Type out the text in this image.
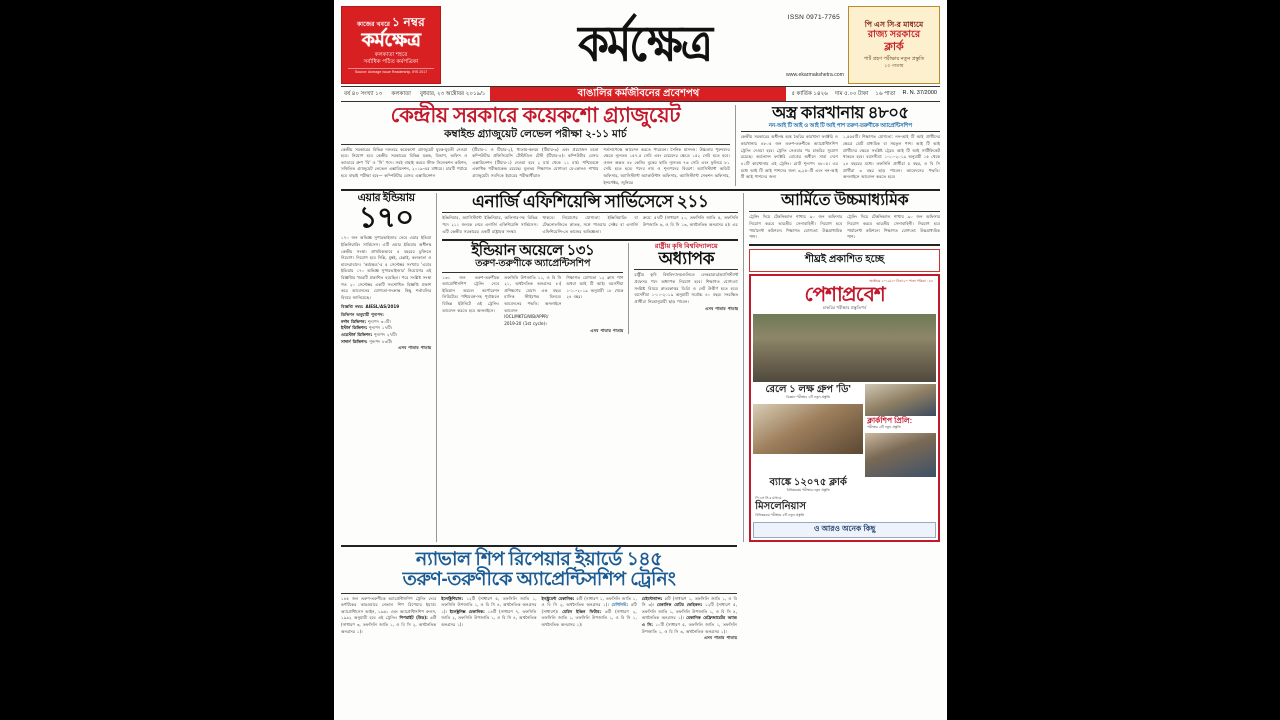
কাজের খবরে ১ নম্বর
কর্মক্ষেত্র
কলকাতা শহরে
সর্বাধিক পঠিত কর্মপত্রিকা
Source: Average Issue Readership, IRS 2017
ISSN 0971-7765
কর্মক্ষেত্র
www.ekarmakshetra.com
পি এস সি-র মাধ্যমে
রাজ্য সরকারে
ক্লার্ক
পার্ট গ্রহণ পরীক্ষার নতুন প্রস্তুতি
১০ পাতায়
বর্ষ ৪০ সংখ্যা ১৩ কলকাতা বুধবার, ২৩ অক্টোবর ২০১৯/১	বাঙালির কর্মজীবনের প্রবেশপথ	৫ কার্তিক ১৪২৬ দাম ৫.০০ টাকা ১৬ পাতা R. N. 37/2000
কেন্দ্রীয় সরকারে কয়েকশো গ্র্যাজুয়েট
কম্বাইন্ড গ্র্যাজুয়েট লেভেল পরীক্ষা ২-১১ মার্চ
কেন্দ্রীয় সরকারের বিভিন্ন দফতরে কয়েকশো গ্র্যাজুয়েট যুবক-যুবতী নেওয়া হবে। নিয়োগ হবে কেন্দ্রীয় সরকারের বিভিন্ন মন্ত্রক, বিভাগ, অফিস ও ক্যাডারে গ্রুপ 'বি' ও 'সি' পদে। সবই বাছাই করবে স্টাফ সিলেকশন কমিশন, সম্মিলিত গ্র্যাজুয়েট লেভেল এক্সামিনেশন, ২০১৯-এর মাধ্যমে। চারটি পর্যায়ে হবে বাছাই পরীক্ষা হবে— কম্পিউটার বেসড এক্সামিনেশন
(টিয়ার-১ ও টিয়ার-২), খাতায়-কলমে (টিয়ার-৩) এবং প্রয়োজন মতো কম্পিউটার প্রফিসিয়েন্সি টেস্ট/ডিল টেস্ট (টিয়ার-৪)। কম্পিউটার বেসড এক্সামিনেশন (টিয়ার-১) নেওয়া হবে ২ মার্চ থেকে ১১ মার্চ। পশ্চিমবঙ্গে একাধিক পরীক্ষাকেন্দ্র রয়েছে। মূলতম শিক্ষাগত যোগ্যতা যে-কোনও শাখায় গ্র্যাজুয়েট। সবদিকে ইয়ারের পরীক্ষার্থীরাও
শর্তসাপেক্ষে আবেদন করতে পারবেন। সৈনিক মানদণ্ড: উচ্চতায় পুরুষদের ক্ষেত্রে ন্যূনতম ১৫৭.৫ সেমি এবং মেয়েদের ক্ষেত্রে ১৫২ সেমি হতে হবে। ওজন অন্তত ৪৮ কেজি। বুকের ছাতি ন্যূনতম ৭৬ সেমি এবং ফুলিয়ে ৮১ সেমি হতে হবে। পদের নাম ও শূন্যপদের বিবরণ: অ্যাসিস্ট্যান্ট অডিট অফিসার, অ্যাসিস্ট্যান্ট অ্যাকাউন্টস অফিসার, অ্যাসিস্ট্যান্ট সেকশন অফিসার, ইন্সপেক্টর, জুনিয়র
অস্ত্র কারখানায় ৪৮০৫
নন-আই টি আই ও আই টি আই পাশ তরুণ-তরুণীকে অ্যাপ্রেন্টিসশিপ
কেন্দ্রীয় সরকারের অধীনস্থ অস্ত্র তৈরির কারখানা ফ্যাক্টরি ও কারখানায় ৪৮০৫ জন তরুণ-তরুণীকে অ্যাপ্রেন্টিসশিপ ট্রেনিং দেওয়া হবে। ট্রেনিং নেওয়ার পর চাকরির সুযোগ রয়েছে। অর্ডন্যান্স ফ্যাক্টরি বোর্ডের অধীনে সারা দেশে ৪১টি কারখানায় এই ট্রেনিং। মোট শূন্যপদ ৪৮০৫। এর মধ্যে আই টি আই পাশদের জন্য ৩,২৫০টি এবং নন-আই টি আই পাশদের জন্য
১,৫৫৫টি। শিক্ষাগত যোগ্যতা: নন-আই টি আই প্রার্থীদের ক্ষেত্রে মোট মাধ্যমিক বা সমতুল পাশ। আই টি আই প্রার্থীদের ক্ষেত্রে সংশ্লিষ্ট ট্রেডে আই টি আই সার্টিফিকেট থাকতে হবে। বয়সসীমা: ১-১০-২০১৯ অনুযায়ী ১৫ থেকে ২৪ বছরের মধ্যে। তফসিলি প্রার্থীরা ৫ বছর, ও বি সি প্রার্থীরা ৩ বছর ছাড় পাবেন। আবেদনের পদ্ধতি: অনলাইনে আবেদন করতে হবে।
এয়ার ইন্ডিয়ায়
১৭০
১৭০ জন অভিজ্ঞ সুপারভাইজার নেবে এয়ার ইন্ডিয়া ইঞ্জিনিয়ারিং সার্ভিসেস। এটি এয়ার ইন্ডিয়ার অধীনস্থ কেন্দ্রীয় সংস্থা। প্রাথমিকভাবে ৫ বছরের চুক্তিতে নিয়োগ। নিয়োগ হবে দিল্লি, মুম্বই, চেন্নাই, কলকাতা ও হায়দরাবাদে। 'কর্মক্ষেত্র'-র ৫ সেপ্টেম্বর সংখ্যায় 'এয়ার ইন্ডিয়ায় ১৭০ অভিজ্ঞ সুপারভাইজার' নিয়োগের এই বিজ্ঞপ্তির খবরটি প্রকাশিত হয়েছিল। পরে সংশ্লিষ্ট সংস্থা গত ২০ সেপ্টেম্বর একটি সংশোধিত বিজ্ঞপ্তি প্রকাশ করে আবেদনের যোগ্যতা-সংক্রান্ত কিছু শর্তাবলির বিষয়ে জানিয়েছে।
বিজ্ঞপ্তি নম্বর: AIESL/AS/2019
ডিভিশন অনুযায়ী শূন্যপদ:
নর্দান ডিভিশন: শূন্যপদ ৩০টি।
ইস্টার্ন ডিভিশন: শূন্যপদ ১৭টি।
ওয়েস্টার্ন ডিভিশন: শূন্যপদ ২৭টি।
সাদার্ন ডিভিশন: শূন্যপদ ৮৩টি।
এসব পাতার পাতায়
এনার্জি এফিশিয়েন্সি সার্ভিসেসে ২১১
ইঞ্জিনিয়ার, অ্যাসিস্ট্যান্ট ইঞ্জিনিয়ার, অফিসার-সহ বিভিন্ন পদে ২১১ জনকে নেবে এনার্জি এফিশিয়েন্সি সার্ভিসেস। এটি কেন্দ্রীয় সরকারের একটি রাষ্ট্রায়ত্ত সংস্থা।
থাকবে। নিয়োগের যোগ্যতা: ইঞ্জিনিয়ারিং বা টেকনোলজিতে স্নাতক, সঙ্গে পাওয়ার সেক্টর বা এনার্জি এফিশিয়েন্সি-তে কাজের অভিজ্ঞতা।
ক্রমে: ৫৭টি (সাধারণ ২০, তফসিলি জাতি ৫, তফসিলি উপজাতি ৬, ও বি সি ১৩, অর্থনৈতিক অনগ্রসর ৫)। এর
ইন্ডিয়ান অয়েলে ১৩১
তরুণ-তরুণীকে অ্যাপ্রেন্টিসশিপ
১৩১ জন তরুণ-তরুণীকে অ্যাপ্রেন্টিসশিপ ট্রেনিং দেবে ইন্ডিয়ান অয়েল কর্পোরেশন লিমিটেড। পশ্চিমবঙ্গ-সহ পূর্বাঞ্চলে বিভিন্ন ইউনিটে এই ট্রেনিং। আবেদন করতে হবে অনলাইনে।
তফসিলি উপজাতি ১১, ও বি সি ২১, অর্থনৈতিক অনগ্রসর ৮।) প্রশিক্ষণের মেয়াদ এক বছর। মাসিক স্টাইপেন্ড মিলবে। আবেদনের পদ্ধতি: অনলাইনে আবেদন IOCL/MKTG/WB/APPR/ 2019-20 (1st cycle)।
শিক্ষাগত যোগ্যতা ১২ ক্লাস পাশ অথবা আই টি আই। বয়সসীমা ১-১০-২০১৯ অনুযায়ী ১৮ থেকে ২৪ বছর।
এসব পাতার পাতায়
রাষ্ট্রীয় কৃষি বিশ্ববিদ্যালয়ে
অধ্যাপক
রাষ্ট্রীয় কৃষি বিশ্ববিদ্যালয়গুলিতে লেকচারার/অ্যাসিস্ট্যান্ট প্রফেসর পদে অধ্যাপক নিয়োগ হবে। শিক্ষাগত যোগ্যতা: সংশ্লিষ্ট বিষয়ে স্নাতকোত্তর ডিগ্রি ও নেট উত্তীর্ণ হতে হবে। বয়সসীমা ১-১০-২০১৯ অনুযায়ী সর্বোচ্চ ৪০ বছর। সংরক্ষিত প্রার্থীরা নিয়মানুযায়ী ছাড় পাবেন।
এসব পাতার পাতায়
আর্মিতে উচ্চমাধ্যমিক
ট্রেনিং দিয়ে টেকনিক্যাল শাখায় ৯০ জন অফিসার নিয়োগ করবে ভারতীয় সেনাবাহিনী। নিয়োগ হবে পার্মানেন্ট কমিশনে। শিক্ষাগত যোগ্যতা: উচ্চমাধ্যমিক পাশ।
ট্রেনিং দিয়ে টেকনিক্যাল শাখায় ৯০ জন অফিসার নিয়োগ করবে ভারতীয় সেনাবাহিনী। নিয়োগ হবে পার্মানেন্ট কমিশনে। শিক্ষাগত যোগ্যতা: উচ্চমাধ্যমিক পাশ।
শীঘ্রই প্রকাশিত হচ্ছে
অক্টোবর ২০১৯/২০ টাকা ৮০ পাতা পত্রিকা : ৪৫
পেশাপ্রবেশ
চাকরির পরীক্ষার প্রস্তুতিপর্ব
রেলে ১ লক্ষ গ্রুপ 'ডি'
বিজ্ঞান পরীক্ষার ২টি নতুন প্রস্তুতি
ক্লার্কশিপ প্রিলি:
পরীক্ষার ৫টি নতুন প্রস্তুতি
ব্যাঙ্কে ১২০৭৫ ক্লার্ক
বিভিন্নরকম পরীক্ষার নতুন প্রস্তুতি
পি এস সি-র মাধ্যমে
মিসলেনিয়াস
বিভিন্নরকম পরীক্ষার ৫টি নতুন প্রস্তুতি
ও আরও অনেক কিছু
ন্যাভাল শিপ রিপেয়ার ইয়ার্ডে ১৪৫
তরুণ-তরুণীকে অ্যাপ্রেন্টিসশিপ ট্রেনিং
১৪৫ জন তরুণ-তরুণীকে অ্যাপ্রেন্টিসশিপ ট্রেনিং দেবে কর্ণাটকের কারওয়ারে নেভাল শিপ রিপেয়ার ইয়ার্ড। অ্যাপ্রেন্টিসেস আইন, ১৯৬১ এবং অ্যাপ্রেন্টিসশিপ রুলস, ১৯৯২ অনুযায়ী হবে এই ট্রেনিং। শিপরাইট (উড): ৬টি (সাধারণ ৩, তফসিলি জাতি ১, ও বি সি ২, অর্থনৈতিক অনগ্রসর ১)।
ইলেক্ট্রিশিয়ান: ১২টি (সাধারণ ৫, তফসিলি জাতি ১, তফসিলি উপজাতি ১, ও বি সি ৪, অর্থনৈতিক অনগ্রসর ১)। ইলেক্ট্রনিক্স মেকানিক: ১৪টি (সাধারণ ৭, তফসিলি জাতি ২, তফসিলি উপজাতি ১, ও বি সি ৪, অর্থনৈতিক অনগ্রসর ১)।
ইনস্ট্রুমেন্ট মেকানিক: ৫টি (সাধারণ ১, তফসিলি জাতি ১, ও বি সি ২, অর্থনৈতিক অনগ্রসর ১)। মেশিনিস্ট: ৫টি (সাধারণ)। মেরিন ইঞ্জিন ফিটার: ৬টি (সাধারণ ২, তফসিলি জাতি ১, তফসিলি উপজাতি ১, ও বি সি ১, অর্থনৈতিক অনগ্রসর ১)।
মেইন্টেন্যান্স: ৫টি (সাধারণ ১, তফসিলি জাতি ১, ও বি সি ৩)। মেকানিক মোটর ভেহিকল: ১২টি (সাধারণ ৫, তফসিলি জাতি ১, তফসিলি উপজাতি ১, ও বি সি ৪, অর্থনৈতিক অনগ্রসর ১)। মেকানিক রেফ্রিজারেটর অ্যান্ড এ সি: ১০টি (সাধারণ ৫, তফসিলি জাতি ১, তফসিলি উপজাতি ১, ও বি সি ৩, অর্থনৈতিক অনগ্রসর ১)।
এসব পাতার পাতায়
